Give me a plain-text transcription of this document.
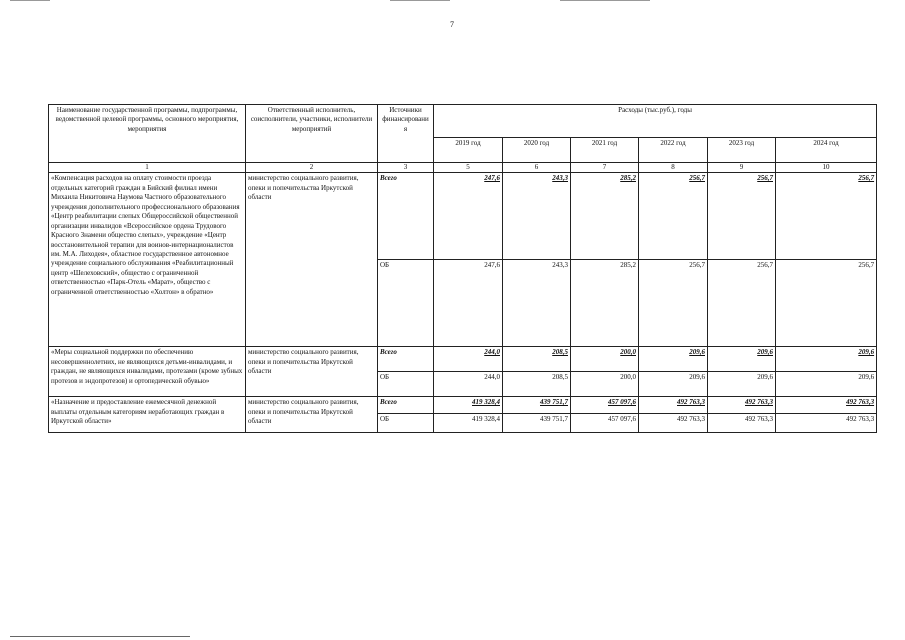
7
Наименование государственной программы, подпрограммы, ведомственной целевой программы, основного мероприятия, мероприятия	Ответственный исполнитель, соисполнители, участники, исполнители мероприятий	Источники финансировани я	Расходы (тыс.руб.), годы					
			2019 год	2020 год	2021 год	2022 год	2023 год	2024 год
1	2	3	5	6	7	8	9	10
«Компенсация расходов на оплату стоимости проезда отдельных категорий граждан в Бийский филиал имени Михаила Никитовича Наумова Частного образовательного учреждения дополнительного профессионального образования «Центр реабилитации слепых Общероссийской общественной организации инвалидов «Всероссийское ордена Трудового Красного Знамени общество слепых», учреждение «Центр восстановительной терапии для воинов-интернационалистов им. М.А. Лиходея», областное государственное автономное учреждение социального обслуживания «Реабилитационный центр «Шелеховский», общество с ограниченной ответственностью «Парк-Отель «Марат», общество с ограниченной ответственностью «Холтон» в обратно»	министерство социального развития, опеки и попечительства Иркутской области	Всего	247,6	243,3	285,2	256,7	256,7	256,7
		ОБ	247,6	243,3	285,2	256,7	256,7	256,7
«Меры социальной поддержки по обеспечению несовершеннолетних, не являющихся детьми-инвалидами, и граждан, не являющихся инвалидами, протезами (кроме зубных протезов и эндопротезов) и ортопедической обувью»	министерство социального развития, опеки и попечительства Иркутской области	Всего	244,0	208,5	200,0	209,6	209,6	209,6
		ОБ	244,0	208,5	200,0	209,6	209,6	209,6
«Назначение и предоставление ежемесячной денежной выплаты отдельным категориям неработающих граждан в Иркутской области»	министерство социального развития, опеки и попечительства Иркутской области	Всего	419 328,4	439 751,7	457 097,6	492 763,3	492 763,3	492 763,3
		ОБ	419 328,4	439 751,7	457 097,6	492 763,3	492 763,3	492 763,3
